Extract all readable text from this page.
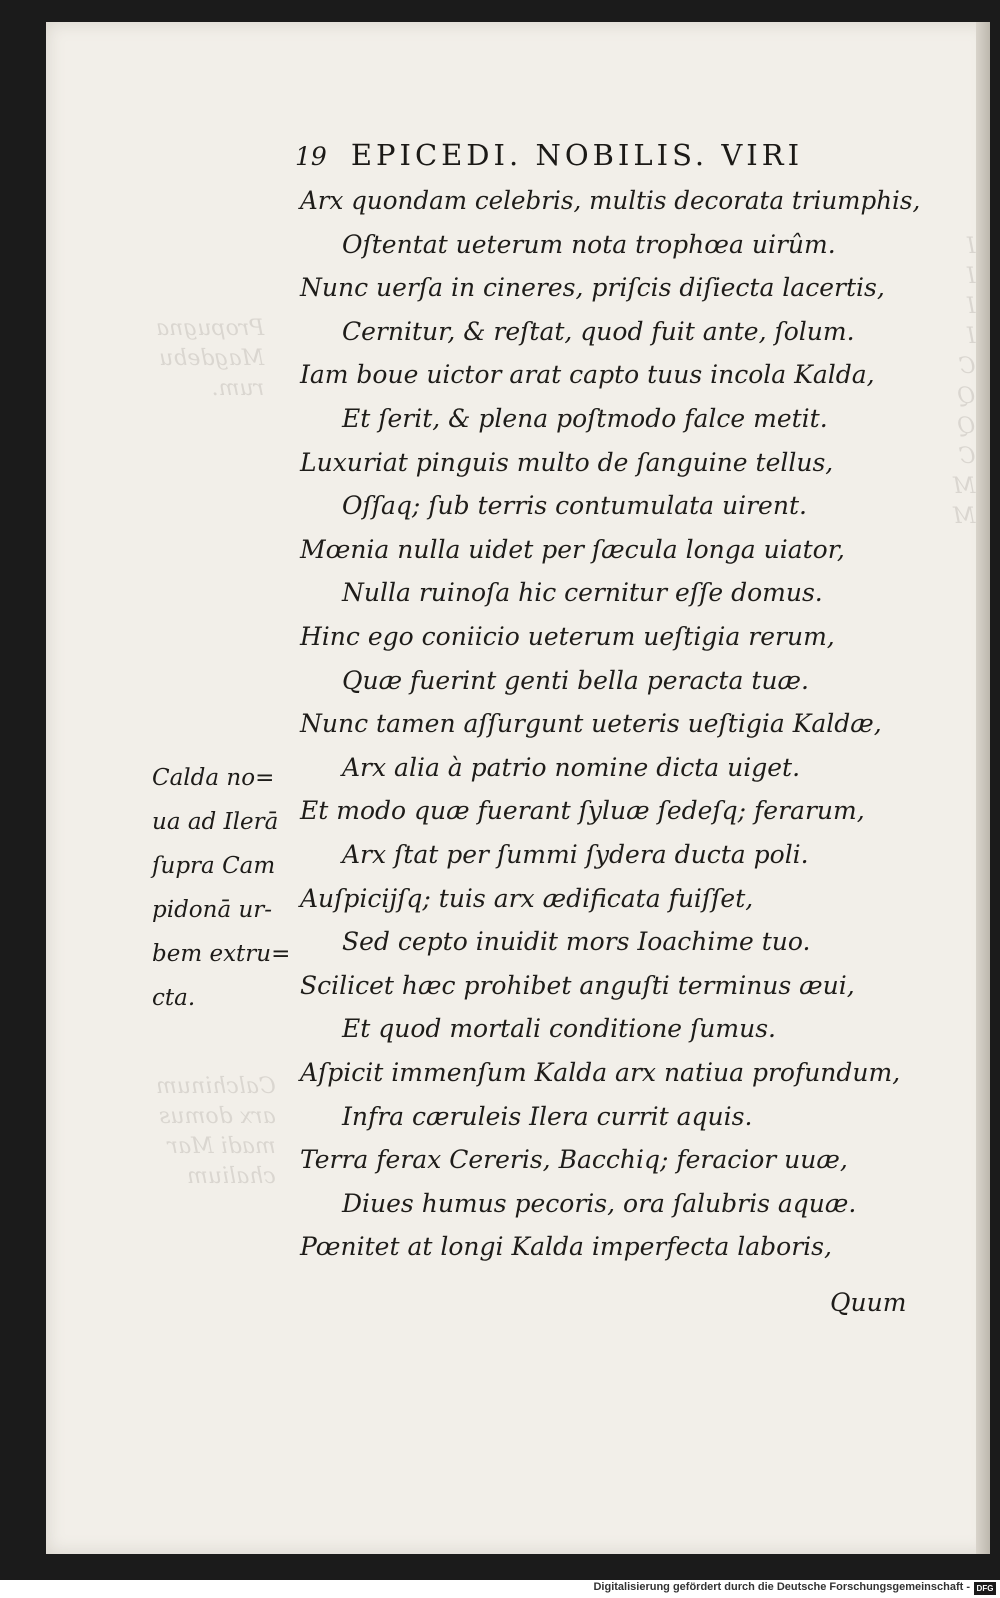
Propugna
Magdebu
rum.
Calchinum
arx domus
madi Mar
chalium
I
I
I
I
C
Q
Q
C
M
M
19 EPICEDI. NOBILIS. VIRI
Arx quondam celebris, multis decorata triumphis,
Oſtentat ueterum nota trophœa uirûm.
Nunc uerſa in cineres, priſcis diſiecta lacertis,
Cernitur, & reſtat, quod fuit ante, ſolum.
Iam boue uictor arat capto tuus incola Kalda,
Et ſerit, & plena poſtmodo falce metit.
Luxuriat pinguis multo de ſanguine tellus,
Oſſaq; ſub terris contumulata uirent.
Mœnia nulla uidet per ſæcula longa uiator,
Nulla ruinoſa hic cernitur eſſe domus.
Hinc ego coniicio ueterum ueſtigia rerum,
Quæ fuerint genti bella peracta tuæ.
Nunc tamen aſſurgunt ueteris ueſtigia Kaldæ,
Arx alia à patrio nomine dicta uiget.
Et modo quæ fuerant ſyluæ ſedeſq; ferarum,
Arx ſtat per ſummi ſydera ducta poli.
Auſpicijſq; tuis arx ædificata fuiſſet,
Sed cepto inuidit mors Ioachime tuo.
Scilicet hæc prohibet anguſti terminus æui,
Et quod mortali conditione ſumus.
Aſpicit immenſum Kalda arx natiua profundum,
Infra cæruleis Ilera currit aquis.
Terra ferax Cereris, Bacchiq; feracior uuæ,
Diues humus pecoris, ora ſalubris aquæ.
Pœnitet at longi Kalda imperfecta laboris,
Calda no=
ua ad Ilerā
ſupra Cam
pidonā ur-
bem extru=
cta.
Quum
Digitalisierung gefördert durch die Deutsche Forschungsgemeinschaft - DFG
